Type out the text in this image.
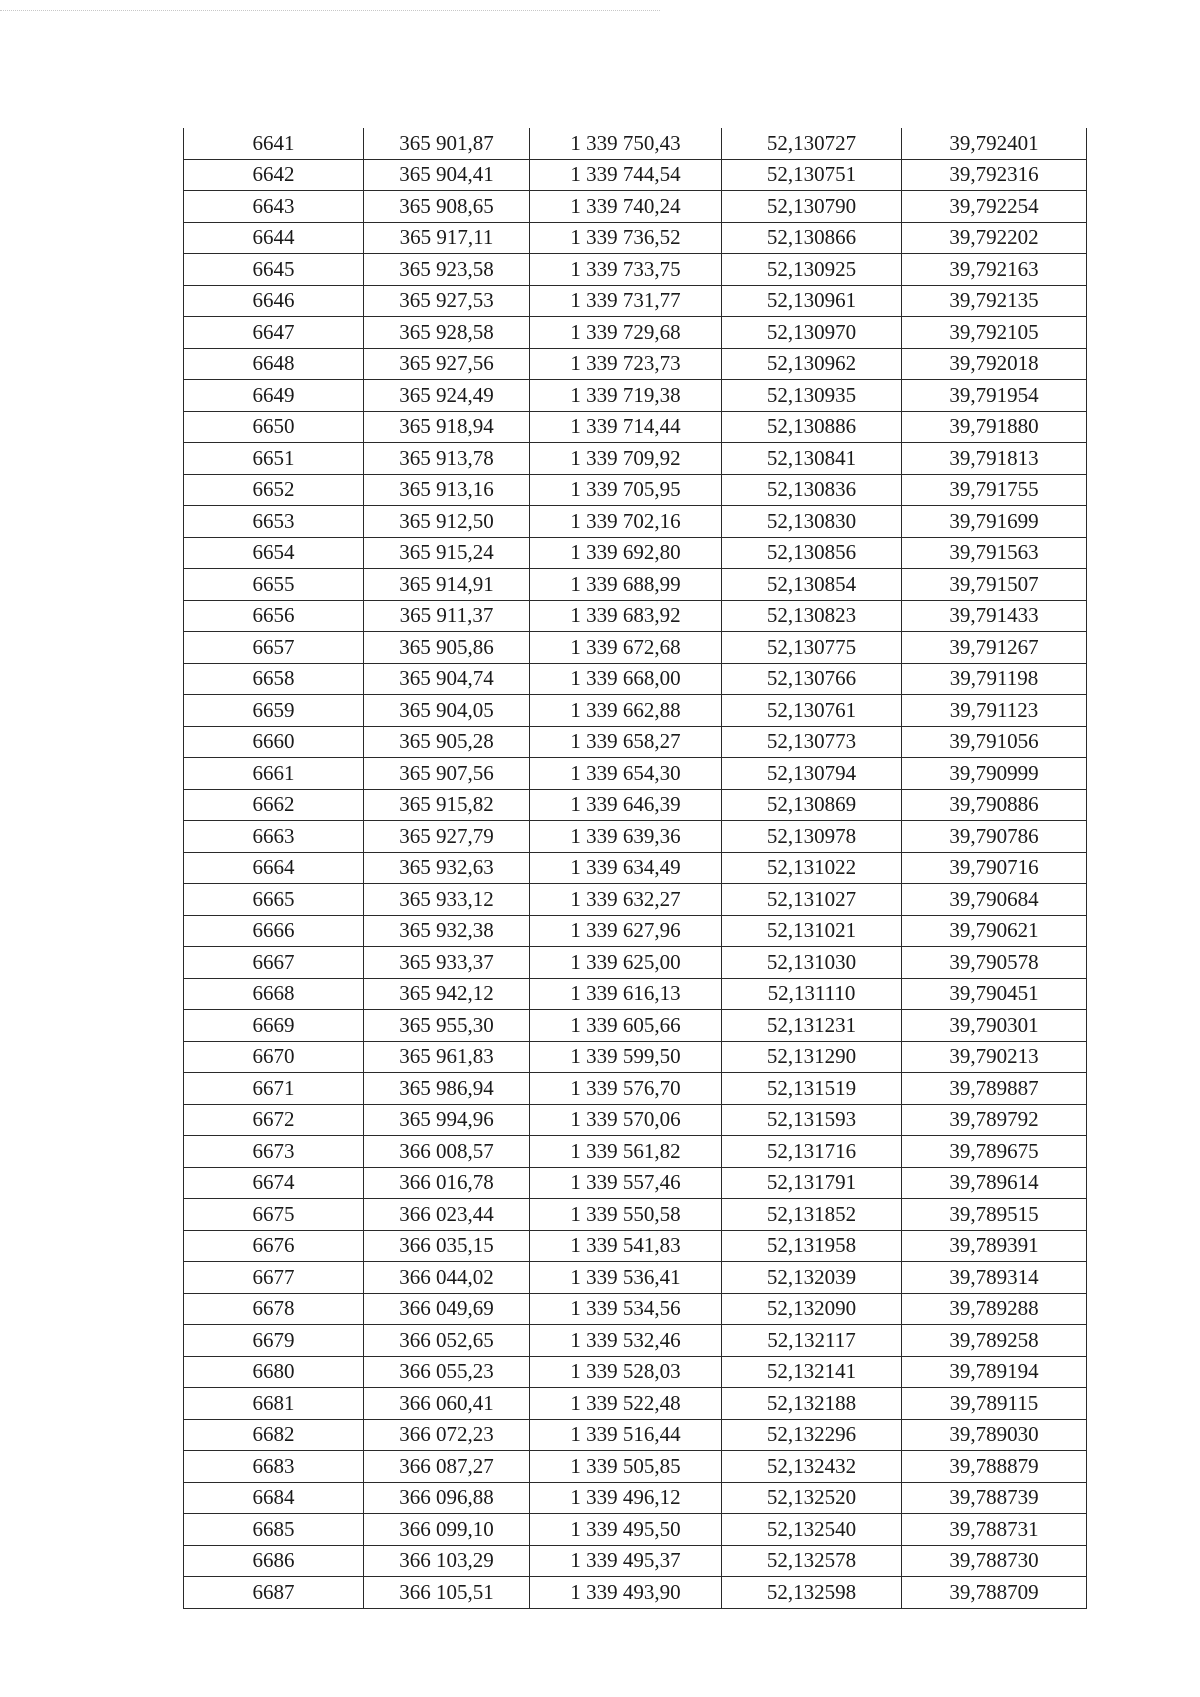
6641	365 901,87	1 339 750,43	52,130727	39,792401
6642	365 904,41	1 339 744,54	52,130751	39,792316
6643	365 908,65	1 339 740,24	52,130790	39,792254
6644	365 917,11	1 339 736,52	52,130866	39,792202
6645	365 923,58	1 339 733,75	52,130925	39,792163
6646	365 927,53	1 339 731,77	52,130961	39,792135
6647	365 928,58	1 339 729,68	52,130970	39,792105
6648	365 927,56	1 339 723,73	52,130962	39,792018
6649	365 924,49	1 339 719,38	52,130935	39,791954
6650	365 918,94	1 339 714,44	52,130886	39,791880
6651	365 913,78	1 339 709,92	52,130841	39,791813
6652	365 913,16	1 339 705,95	52,130836	39,791755
6653	365 912,50	1 339 702,16	52,130830	39,791699
6654	365 915,24	1 339 692,80	52,130856	39,791563
6655	365 914,91	1 339 688,99	52,130854	39,791507
6656	365 911,37	1 339 683,92	52,130823	39,791433
6657	365 905,86	1 339 672,68	52,130775	39,791267
6658	365 904,74	1 339 668,00	52,130766	39,791198
6659	365 904,05	1 339 662,88	52,130761	39,791123
6660	365 905,28	1 339 658,27	52,130773	39,791056
6661	365 907,56	1 339 654,30	52,130794	39,790999
6662	365 915,82	1 339 646,39	52,130869	39,790886
6663	365 927,79	1 339 639,36	52,130978	39,790786
6664	365 932,63	1 339 634,49	52,131022	39,790716
6665	365 933,12	1 339 632,27	52,131027	39,790684
6666	365 932,38	1 339 627,96	52,131021	39,790621
6667	365 933,37	1 339 625,00	52,131030	39,790578
6668	365 942,12	1 339 616,13	52,131110	39,790451
6669	365 955,30	1 339 605,66	52,131231	39,790301
6670	365 961,83	1 339 599,50	52,131290	39,790213
6671	365 986,94	1 339 576,70	52,131519	39,789887
6672	365 994,96	1 339 570,06	52,131593	39,789792
6673	366 008,57	1 339 561,82	52,131716	39,789675
6674	366 016,78	1 339 557,46	52,131791	39,789614
6675	366 023,44	1 339 550,58	52,131852	39,789515
6676	366 035,15	1 339 541,83	52,131958	39,789391
6677	366 044,02	1 339 536,41	52,132039	39,789314
6678	366 049,69	1 339 534,56	52,132090	39,789288
6679	366 052,65	1 339 532,46	52,132117	39,789258
6680	366 055,23	1 339 528,03	52,132141	39,789194
6681	366 060,41	1 339 522,48	52,132188	39,789115
6682	366 072,23	1 339 516,44	52,132296	39,789030
6683	366 087,27	1 339 505,85	52,132432	39,788879
6684	366 096,88	1 339 496,12	52,132520	39,788739
6685	366 099,10	1 339 495,50	52,132540	39,788731
6686	366 103,29	1 339 495,37	52,132578	39,788730
6687	366 105,51	1 339 493,90	52,132598	39,788709
